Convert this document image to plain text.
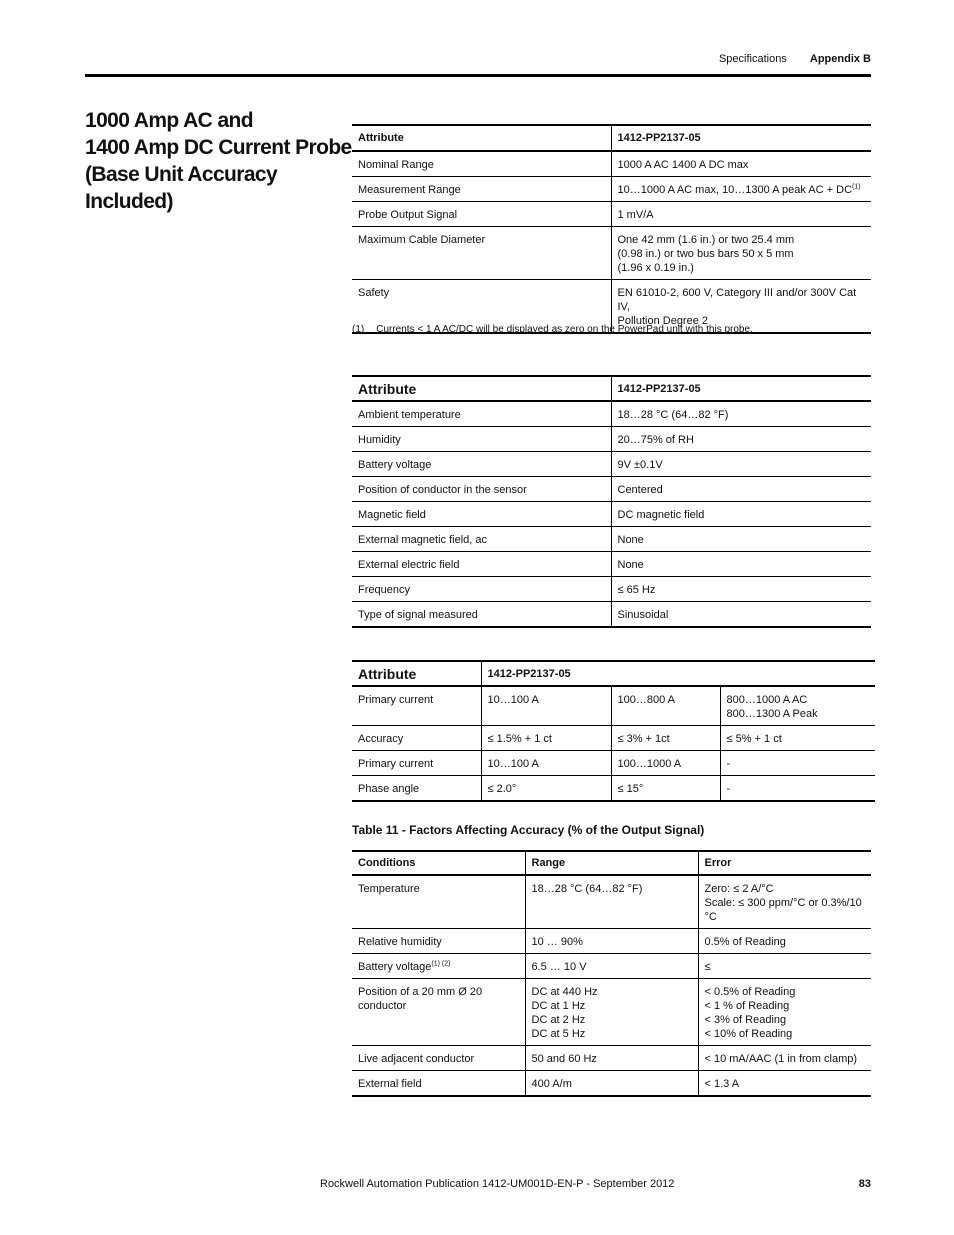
Specifications Appendix B
1000 Amp AC and
1400 Amp DC Current Probe
(Base Unit Accuracy Included)
Attribute	1412-PP2137-05
Nominal Range	1000 A AC 1400 A DC max
Measurement Range	10…1000 A AC max, 10…1300 A peak AC + $DC^{(1)}$
Probe Output Signal	1 mV/A
Maximum Cable Diameter	One 42 mm (1.6 in.) or two 25.4 mm
(0.98 in.) or two bus bars 50 x 5 mm
(1.96 x 0.19 in.)

Safety	EN 61010-2, 600 V, Category III and/or 300V Cat IV,
Pollution Degree 2
(1) Currents < 1 A AC/DC will be displayed as zero on the PowerPad unit with this probe.
Attribute	1412-PP2137-05
Ambient temperature	18…28 °C (64…82 °F)
Humidity	20…75% of RH
Battery voltage	9V ±0.1V
Position of conductor in the sensor	Centered
Magnetic field	DC magnetic field
External magnetic field, ac	None
External electric field	None
Frequency	≤ 65 Hz
Type of signal measured	Sinusoidal
Attribute	1412-PP2137-05		
Primary current	10…100 A	100…800 A	800…1000 A AC
800…1300 A Peak

Accuracy	≤ 1.5% + 1 ct	≤ 3% + 1ct	≤ 5% + 1 ct
Primary current	10…100 A	100…1000 A	-
Phase angle	≤ 2.0°	≤ 15°	-
Table 11 - Factors Affecting Accuracy (% of the Output Signal)
Conditions	Range	Error
Temperature	18…28 °C (64…82 °F)	Zero: ≤ 2 A/°C
Scale: ≤ 300 ppm/°C or 0.3%/10 °C

Relative humidity	10 … 90%	0.5% of Reading
Battery voltage$^{(1) (2)}$	6.5 … 10 V	≤
Position of a 20 mm Ø 20 conductor	DC at 440 Hz
DC at 1 Hz
DC at 2 Hz
DC at 5 Hz	< 0.5% of Reading
< 1 % of Reading
< 3% of Reading
< 10% of Reading

Live adjacent conductor	50 and 60 Hz	< 10 mA/AAC (1 in from clamp)
External field	400 A/m	< 1.3 A
Rockwell Automation Publication 1412-UM001D-EN-P - September 2012	83
